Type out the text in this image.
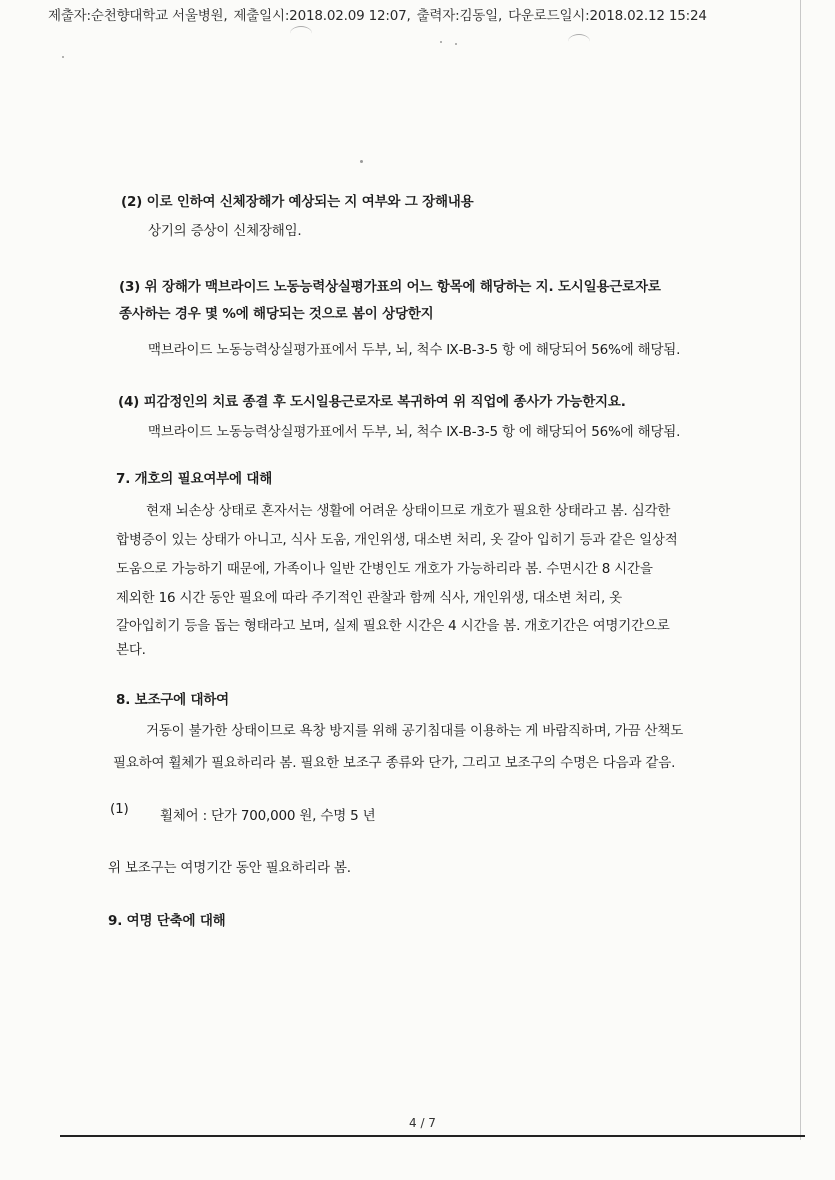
제출자:순천향대학교 서울병원, 제출일시:2018.02.09 12:07, 출력자:김동일, 다운로드일시:2018.02.12 15:24
(2) 이로 인하여 신체장해가 예상되는 지 여부와 그 장해내용
상기의 증상이 신체장해임.
(3) 위 장해가 맥브라이드 노동능력상실평가표의 어느 항목에 해당하는 지. 도시일용근로자로
종사하는 경우 몇 %에 해당되는 것으로 봄이 상당한지
맥브라이드 노동능력상실평가표에서 두부, 뇌, 척수 Ⅸ-B-3-5 항 에 해당되어 56%에 해당됨.
(4) 피감정인의 치료 종결 후 도시일용근로자로 복귀하여 위 직업에 종사가 가능한지요.
맥브라이드 노동능력상실평가표에서 두부, 뇌, 척수 Ⅸ-B-3-5 항 에 해당되어 56%에 해당됨.
7. 개호의 필요여부에 대해
현재 뇌손상 상태로 혼자서는 생활에 어려운 상태이므로 개호가 필요한 상태라고 봄. 심각한
합병증이 있는 상태가 아니고, 식사 도움, 개인위생, 대소변 처리, 옷 갈아 입히기 등과 같은 일상적
도움으로 가능하기 때문에, 가족이나 일반 간병인도 개호가 가능하리라 봄. 수면시간 8 시간을
제외한 16 시간 동안 필요에 따라 주기적인 관찰과 함께 식사, 개인위생, 대소변 처리, 옷
갈아입히기 등을 돕는 형태라고 보며, 실제 필요한 시간은 4 시간을 봄. 개호기간은 여명기간으로
본다.
8. 보조구에 대하여
거동이 불가한 상태이므로 욕창 방지를 위해 공기침대를 이용하는 게 바람직하며, 가끔 산책도
필요하여 휠체가 필요하리라 봄. 필요한 보조구 종류와 단가, 그리고 보조구의 수명은 다음과 같음.
(1) 휠체어 : 단가 700,000 원, 수명 5 년
위 보조구는 여명기간 동안 필요하리라 봄.
9. 여명 단축에 대해
4 / 7
